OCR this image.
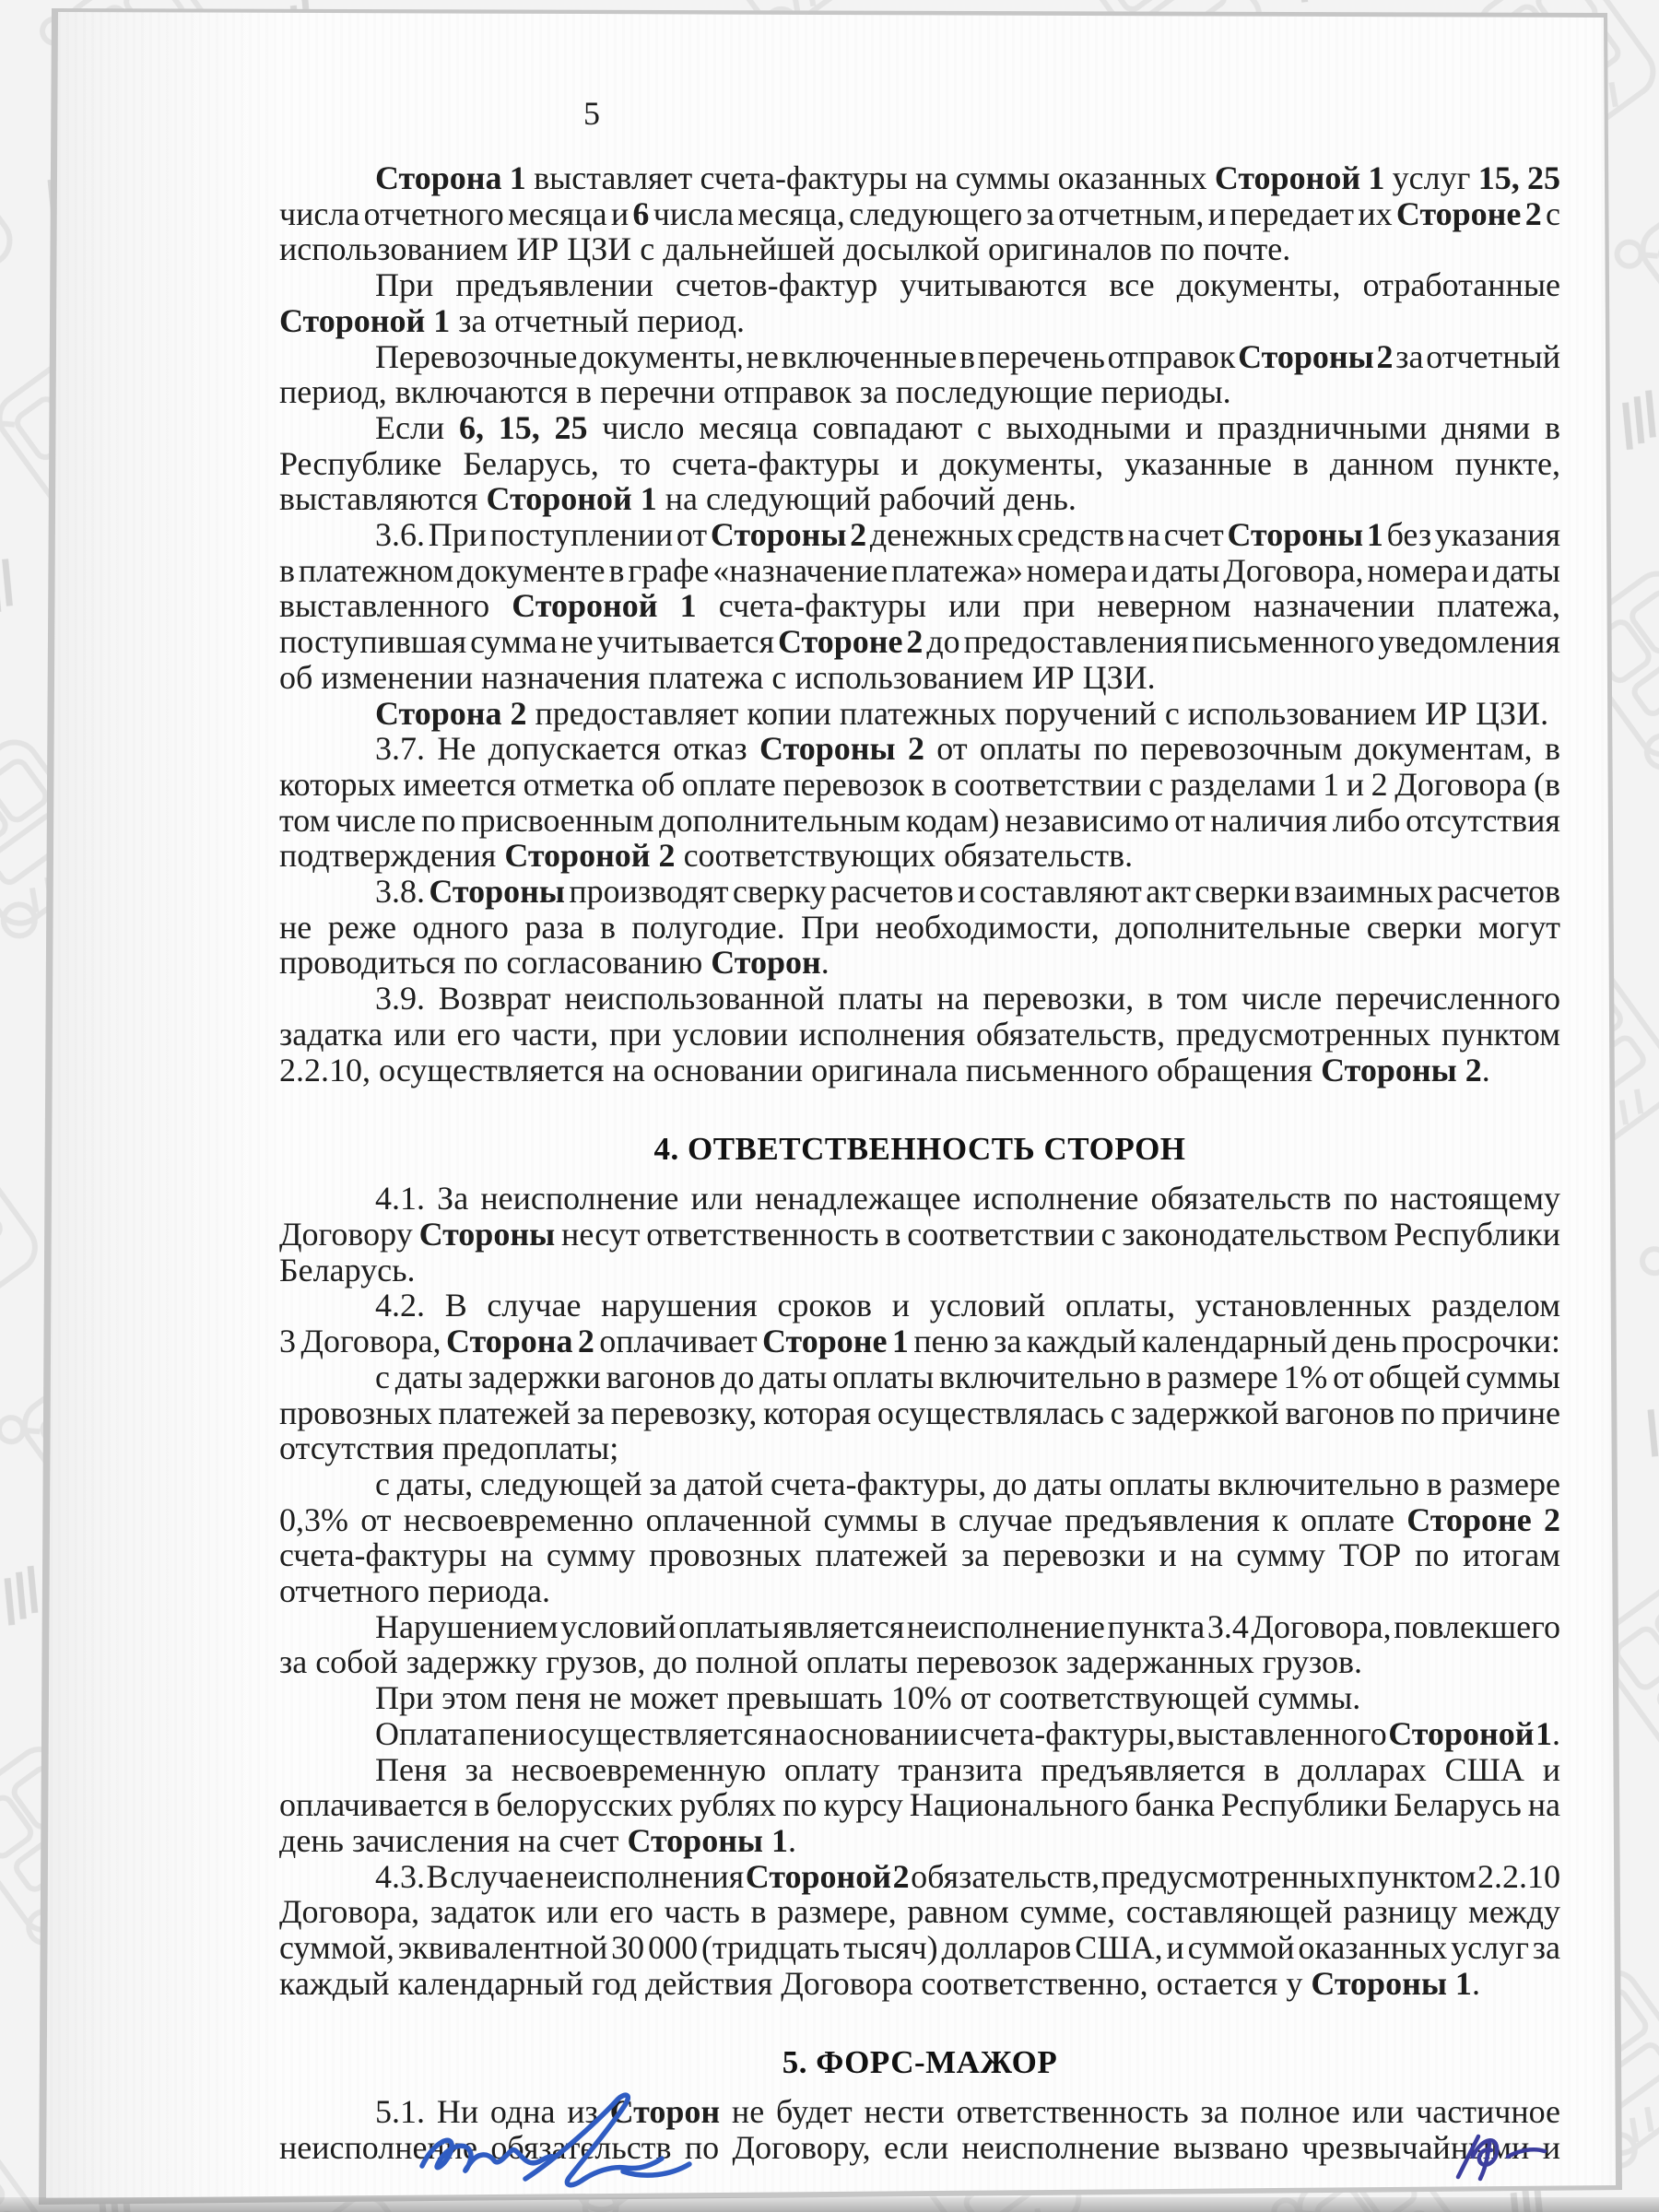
5
Сторона 1 выставляет счета-фактуры на суммы оказанных Стороной 1 услуг 15, 25
числа отчетного месяца и 6 числа месяца, следующего за отчетным, и передает их Стороне 2 с
использованием ИР ЦЗИ с дальнейшей досылкой оригиналов по почте.
При предъявлении счетов-фактур учитываются все документы, отработанные
Стороной 1 за отчетный период.
Перевозочные документы, не включенные в перечень отправок Стороны 2 за отчетный
период, включаются в перечни отправок за последующие периоды.
Если 6, 15, 25 число месяца совпадают с выходными и праздничными днями в
Республике Беларусь, то счета-фактуры и документы, указанные в данном пункте,
выставляются Стороной 1 на следующий рабочий день.
3.6. При поступлении от Стороны 2 денежных средств на счет Стороны 1 без указания
в платежном документе в графе «назначение платежа» номера и даты Договора, номера и даты
выставленного Стороной 1 счета-фактуры или при неверном назначении платежа,
поступившая сумма не учитывается Стороне 2 до предоставления письменного уведомления
об изменении назначения платежа с использованием ИР ЦЗИ.
Сторона 2 предоставляет копии платежных поручений с использованием ИР ЦЗИ.
3.7. Не допускается отказ Стороны 2 от оплаты по перевозочным документам, в
которых имеется отметка об оплате перевозок в соответствии с разделами 1 и 2 Договора (в
том числе по присвоенным дополнительным кодам) независимо от наличия либо отсутствия
подтверждения Стороной 2 соответствующих обязательств.
3.8. Стороны производят сверку расчетов и составляют акт сверки взаимных расчетов
не реже одного раза в полугодие. При необходимости, дополнительные сверки могут
проводиться по согласованию Сторон.
3.9. Возврат неиспользованной платы на перевозки, в том числе перечисленного
задатка или его части, при условии исполнения обязательств, предусмотренных пунктом
2.2.10, осуществляется на основании оригинала письменного обращения Стороны 2.
4. ОТВЕТСТВЕННОСТЬ СТОРОН
4.1. За неисполнение или ненадлежащее исполнение обязательств по настоящему
Договору Стороны несут ответственность в соответствии с законодательством Республики
Беларусь.
4.2. В случае нарушения сроков и условий оплаты, установленных разделом
3 Договора, Сторона 2 оплачивает Стороне 1 пеню за каждый календарный день просрочки:
с даты задержки вагонов до даты оплаты включительно в размере 1% от общей суммы
провозных платежей за перевозку, которая осуществлялась с задержкой вагонов по причине
отсутствия предоплаты;
с даты, следующей за датой счета-фактуры, до даты оплаты включительно в размере
0,3% от несвоевременно оплаченной суммы в случае предъявления к оплате Стороне 2
счета-фактуры на сумму провозных платежей за перевозки и на сумму ТОР по итогам
отчетного периода.
Нарушением условий оплаты является неисполнение пункта 3.4 Договора, повлекшего
за собой задержку грузов, до полной оплаты перевозок задержанных грузов.
При этом пеня не может превышать 10% от соответствующей суммы.
Оплата пени осуществляется на основании счета-фактуры, выставленного Стороной 1.
Пеня за несвоевременную оплату транзита предъявляется в долларах США и
оплачивается в белорусских рублях по курсу Национального банка Республики Беларусь на
день зачисления на счет Стороны 1.
4.3. В случае неисполнения Стороной 2 обязательств, предусмотренных пунктом 2.2.10
Договора, задаток или его часть в размере, равном сумме, составляющей разницу между
суммой, эквивалентной 30 000 (тридцать тысяч) долларов США, и суммой оказанных услуг за
каждый календарный год действия Договора соответственно, остается у Стороны 1.
5. ФОРС-МАЖОР
5.1. Ни одна из Сторон не будет нести ответственность за полное или частичное
неисполнение обязательств по Договору, если неисполнение вызвано чрезвычайными и
